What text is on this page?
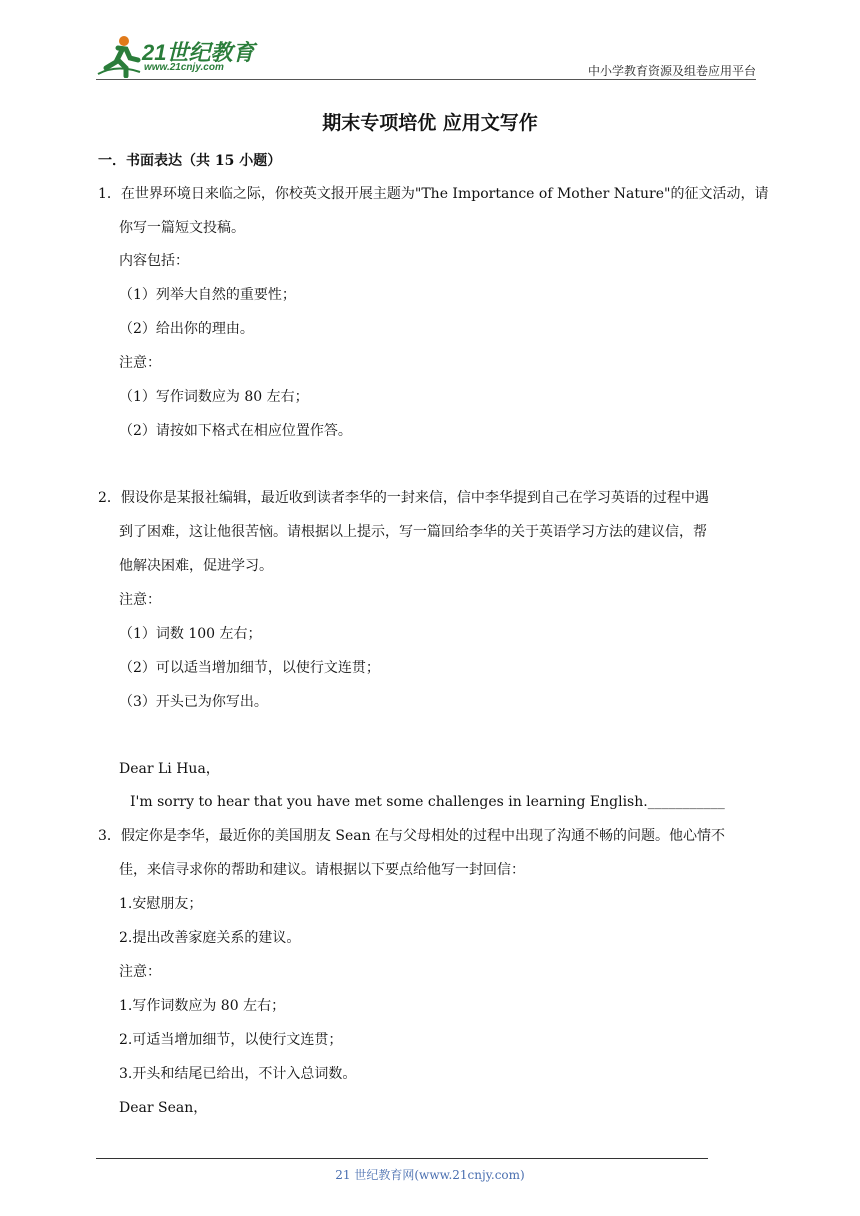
21世纪教育
www.21cnjy.com	中小学教育资源及组卷应用平台
期末专项培优 应用文写作
一．书面表达（共 15 小题）
1．在世界环境日来临之际，你校英文报开展主题为"The Importance of Mother Nature"的征文活动，请
你写一篇短文投稿。
内容包括：
（1）列举大自然的重要性；
（2）给出你的理由。
注意：
（1）写作词数应为 80 左右；
（2）请按如下格式在相应位置作答。
2．假设你是某报社编辑，最近收到读者李华的一封来信，信中李华提到自己在学习英语的过程中遇
到了困难，这让他很苦恼。请根据以上提示，写一篇回给李华的关于英语学习方法的建议信，帮
他解决困难，促进学习。
注意：
（1）词数 100 左右；
（2）可以适当增加细节，以使行文连贯；
（3）开头已为你写出。
Dear Li Hua，
I'm sorry to hear that you have met some challenges in learning English.___________
3．假定你是李华，最近你的美国朋友 Sean 在与父母相处的过程中出现了沟通不畅的问题。他心情不
佳，来信寻求你的帮助和建议。请根据以下要点给他写一封回信：
1.安慰朋友；
2.提出改善家庭关系的建议。
注意：
1.写作词数应为 80 左右；
2.可适当增加细节，以使行文连贯；
3.开头和结尾已给出，不计入总词数。
Dear Sean，
21 世纪教育网(www.21cnjy.com)
